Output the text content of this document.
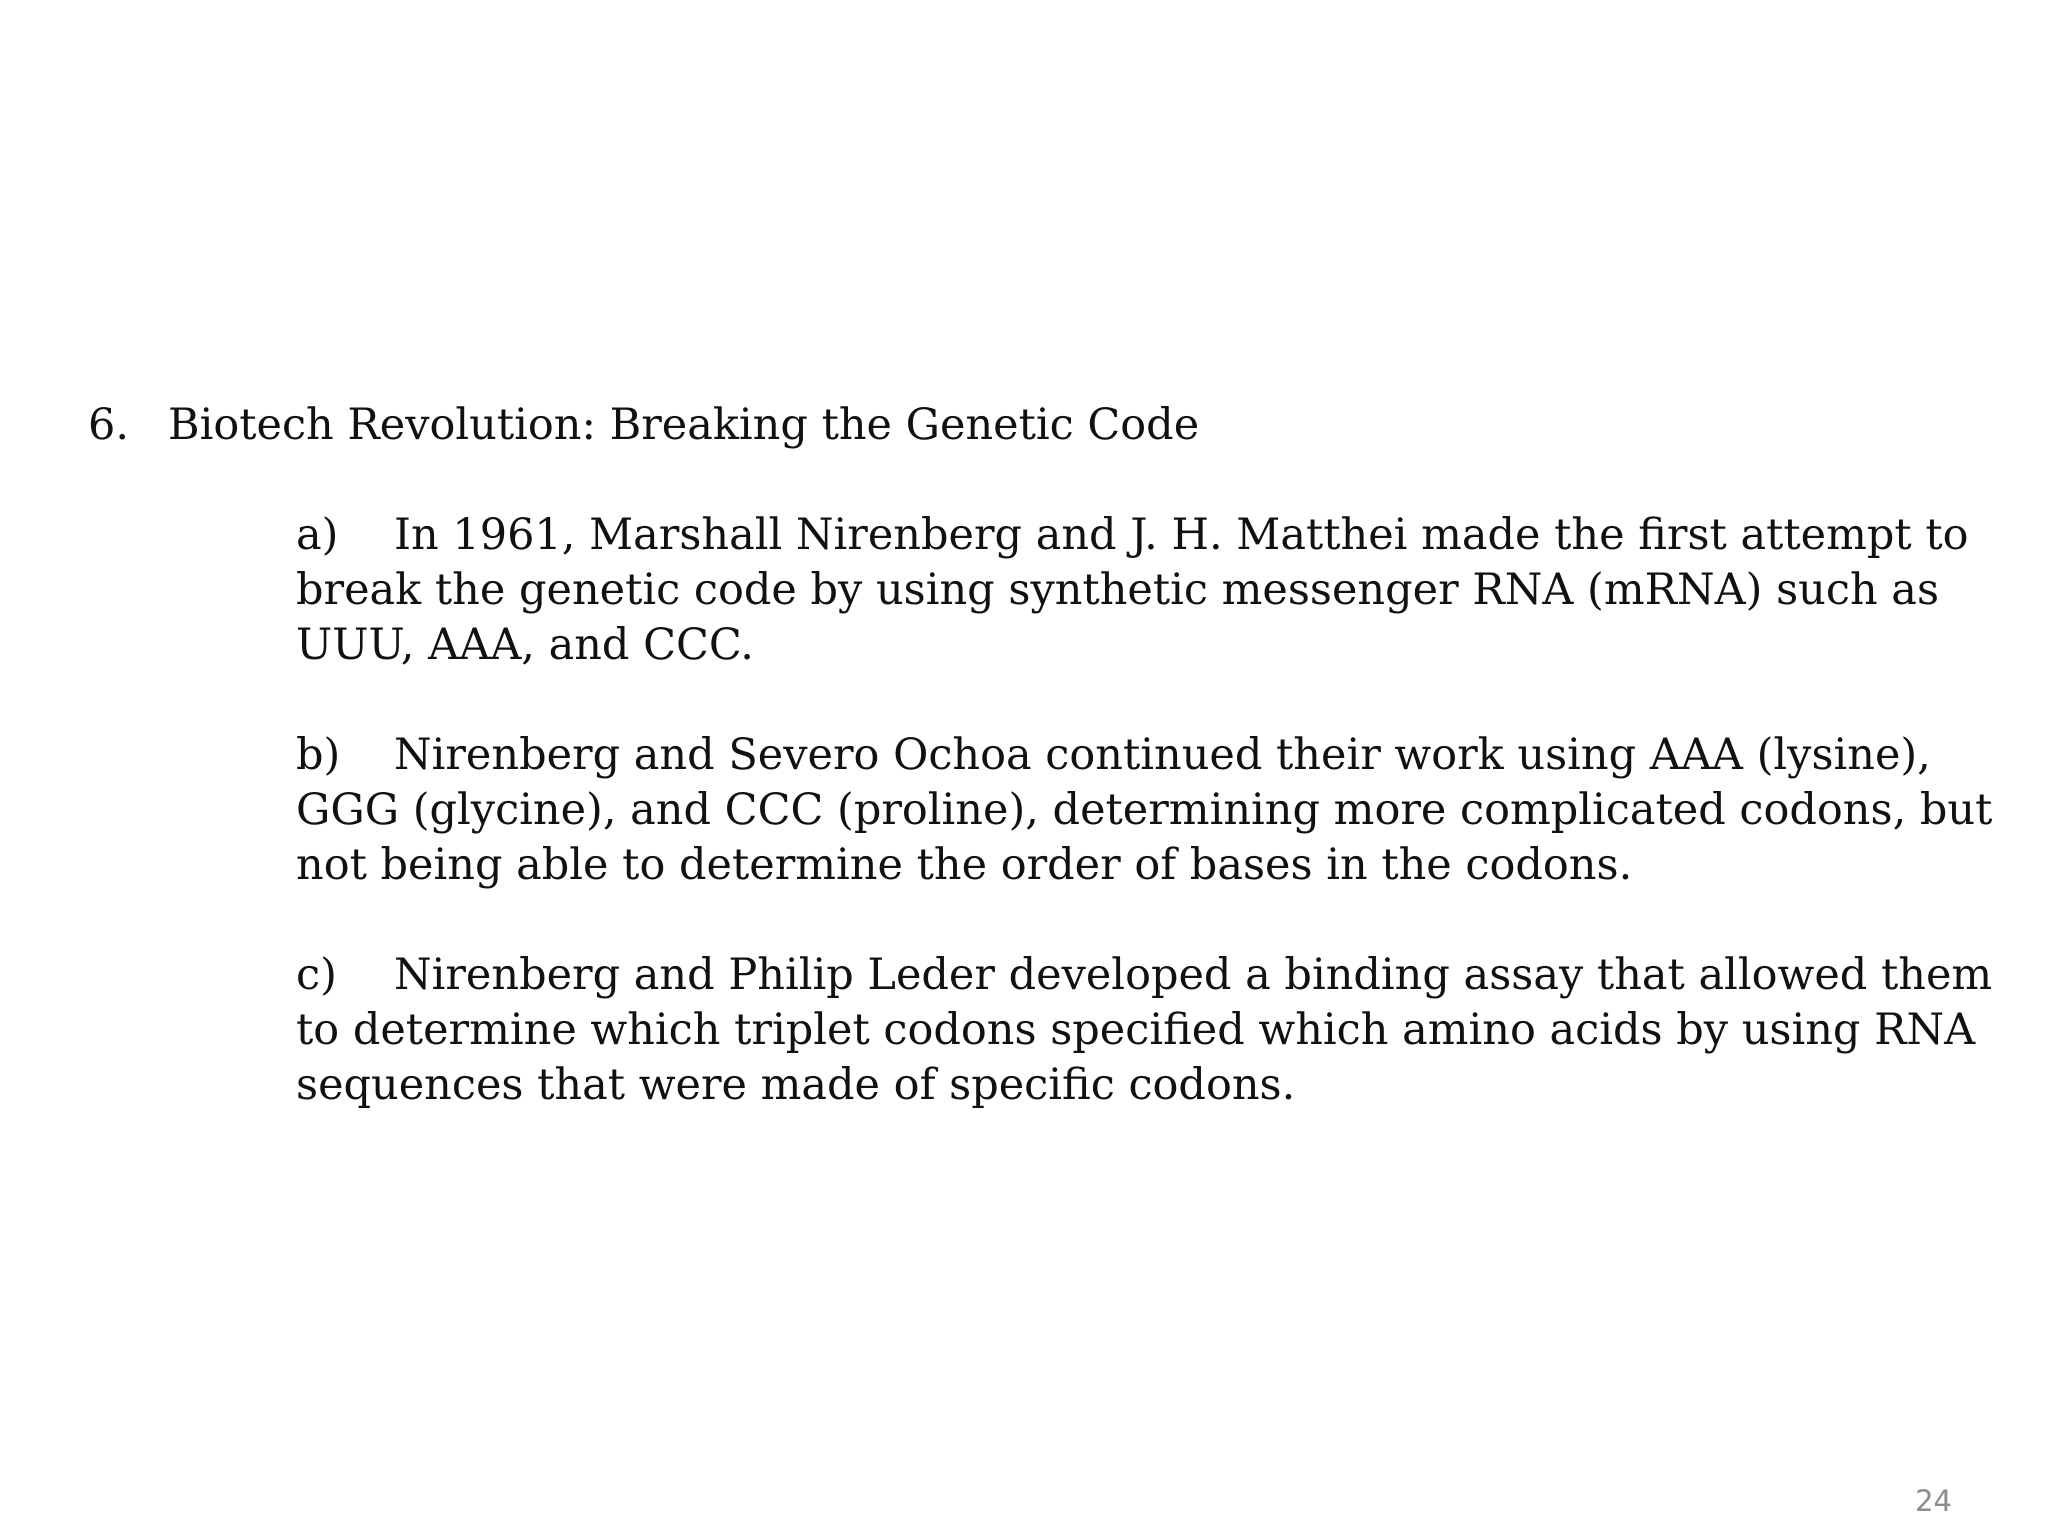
6. Biotech Revolution: Breaking the Genetic Code
a) In 1961, Marshall Nirenberg and J. H. Matthei made the first attempt to break the genetic code by using synthetic messenger RNA (mRNA) such as UUU, AAA, and CCC.
b) Nirenberg and Severo Ochoa continued their work using AAA (lysine), GGG (glycine), and CCC (proline), determining more complicated codons, but not being able to determine the order of bases in the codons.
c) Nirenberg and Philip Leder developed a binding assay that allowed them to determine which triplet codons specified which amino acids by using RNA sequences that were made of specific codons.
24
